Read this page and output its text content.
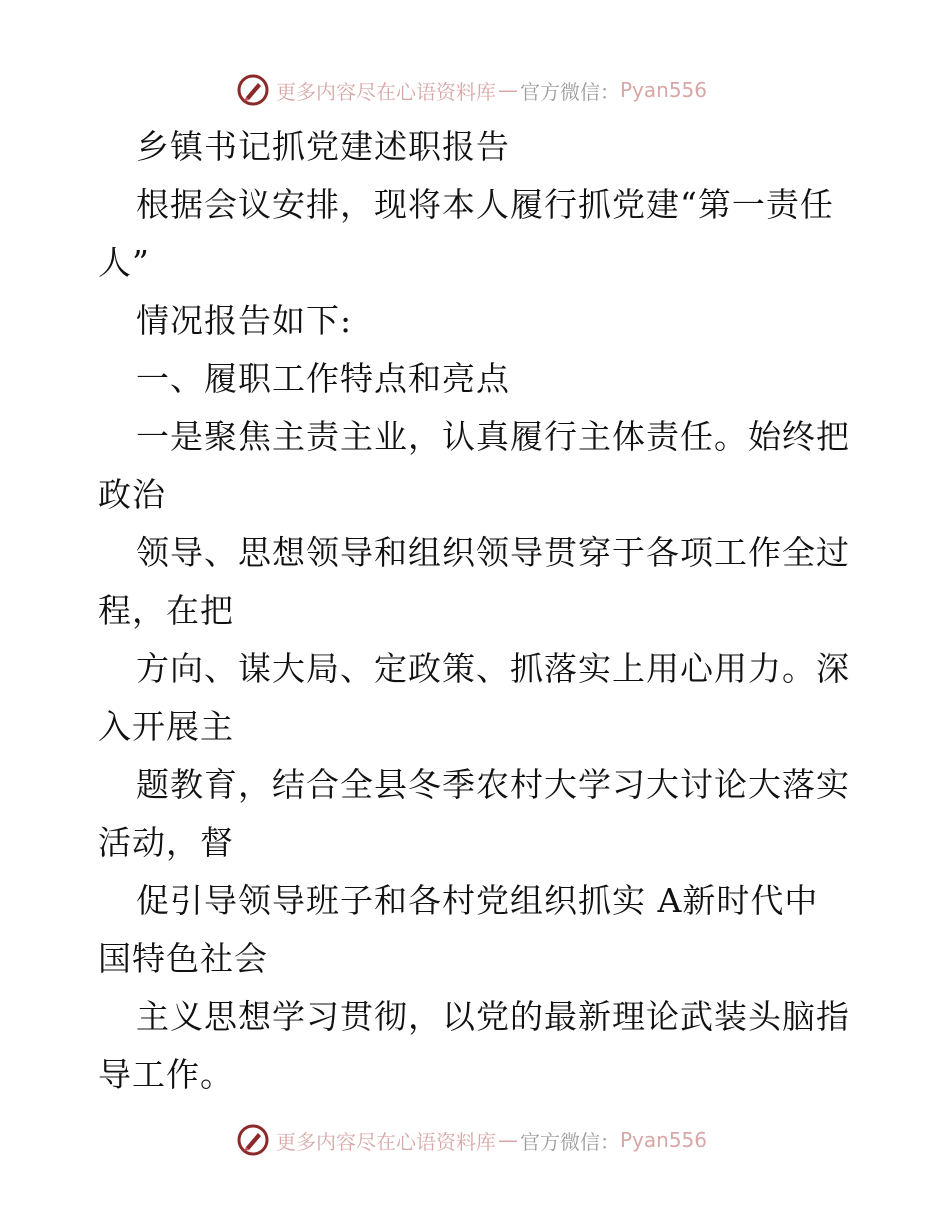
更多内容尽在心语资料库 — 官方微信： Pyan556
乡镇书记抓党建述职报告
根据会议安排，现将本人履行抓党建“第一责任
人”
情况报告如下:
一、履职工作特点和亮点
一是聚焦主责主业，认真履行主体责任。始终把
政治
领导、思想领导和组织领导贯穿于各项工作全过
程，在把
方向、谋大局、定政策、抓落实上用心用力。深
入开展主
题教育，结合全县冬季农村大学习大讨论大落实
活动，督
促引导领导班子和各村党组织抓实 A新时代中
国特色社会
主义思想学习贯彻，以党的最新理论武装头脑指
导工作。
更多内容尽在心语资料库 — 官方微信： Pyan556
